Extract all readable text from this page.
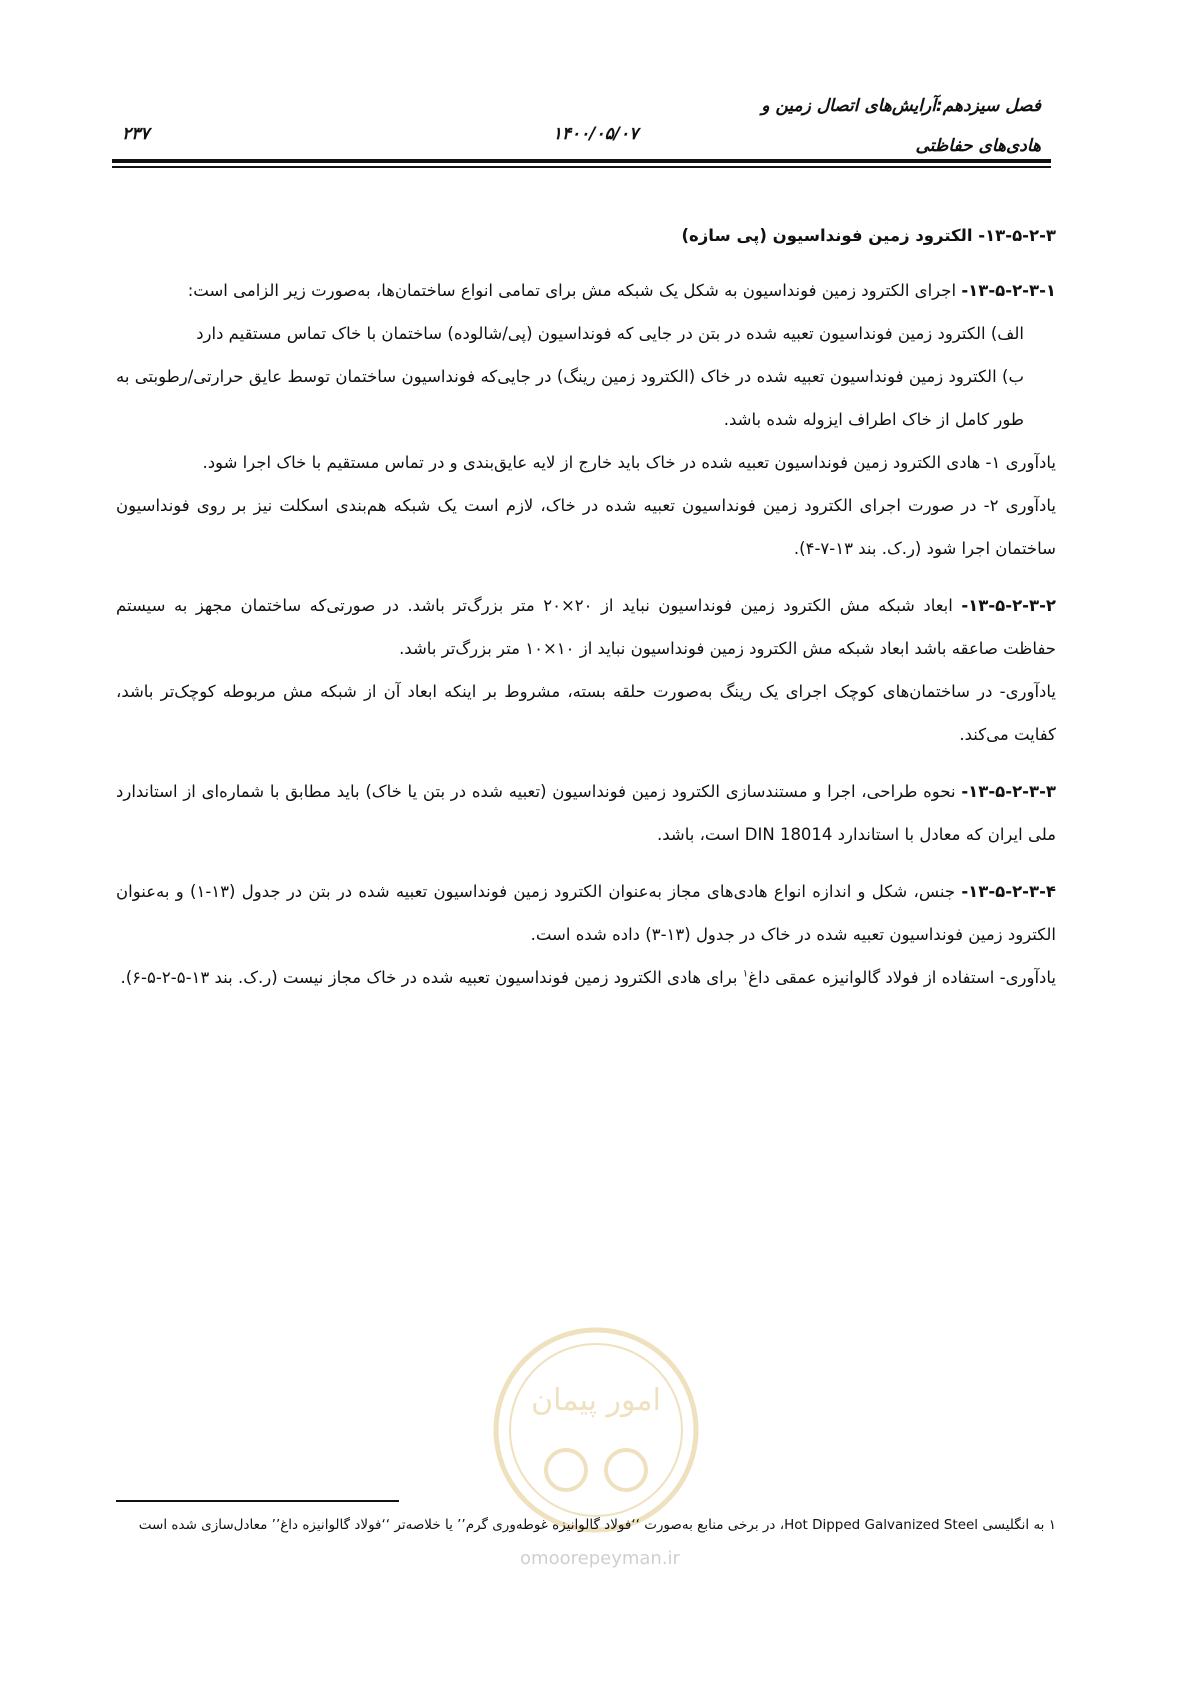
فصل سیزدهم:آرایش‌های اتصال زمین و
هادی‌های حفاظتی
۱۴۰۰/۰۵/۰۷
۲۳۷

۱۳-۵-۲-۳- الکترود زمین فونداسیون (پی سازه)

۱۳-۵-۲-۳-۱- اجرای الکترود زمین فونداسیون به شکل یک شبکه مش برای تمامی انواع ساختمان‌ها، به‌صورت زیر الزامی است:

الف) الکترود زمین فونداسیون تعبیه شده در بتن در جایی که فونداسیون (پی/شالوده) ساختمان با خاک تماس مستقیم دارد

ب) الکترود زمین فونداسیون تعبیه شده در خاک (الکترود زمین رینگ) در جایی‌که فونداسیون ساختمان توسط عایق حرارتی/رطوبتی به طور کامل از خاک اطراف ایزوله شده باشد.

یادآوری ۱- هادی الکترود زمین فونداسیون تعبیه شده در خاک باید خارج از لایه عایق‌بندی و در تماس مستقیم با خاک اجرا شود.

یادآوری ۲- در صورت اجرای الکترود زمین فونداسیون تعبیه شده در خاک، لازم است یک شبکه هم‌بندی اسکلت نیز بر روی فونداسیون ساختمان اجرا شود (ر.ک. بند ۱۳-۷-۴).

۱۳-۵-۲-۳-۲- ابعاد شبکه مش الکترود زمین فونداسیون نباید از ۲۰×۲۰ متر بزرگ‌تر باشد. در صورتی‌که ساختمان مجهز به سیستم حفاظت صاعقه باشد ابعاد شبکه مش الکترود زمین فونداسیون نباید از ۱۰×۱۰ متر بزرگ‌تر باشد.

یادآوری- در ساختمان‌های کوچک اجرای یک رینگ به‌صورت حلقه بسته، مشروط بر اینکه ابعاد آن از شبکه مش مربوطه کوچک‌تر باشد، کفایت می‌کند.

۱۳-۵-۲-۳-۳- نحوه طراحی، اجرا و مستندسازی الکترود زمین فونداسیون (تعبیه شده در بتن یا خاک) باید مطابق با شماره‌ای از استاندارد ملی ایران که معادل با استاندارد DIN 18014 است، باشد.

۱۳-۵-۲-۳-۴- جنس، شکل و اندازه انواع هادی‌های مجاز به‌عنوان الکترود زمین فونداسیون تعبیه شده در بتن در جدول (۱۳-۱) و به‌عنوان الکترود زمین فونداسیون تعبیه شده در خاک در جدول (۱۳-۳) داده شده است.

یادآوری- استفاده از فولاد گالوانیزه عمقی داغ$^۱$ برای هادی الکترود زمین فونداسیون تعبیه شده در خاک مجاز نیست (ر.ک. بند ۱۳-۵-۲-۵-۶).

امور پیمان
omoorepeyman.ir

۱ به انگلیسی Hot Dipped Galvanized Steel، در برخی منابع به‌صورت ‘‘فولاد گالوانیزه غوطه‌وری گرم’’ یا خلاصه‌تر ‘‘فولاد گالوانیزه داغ’’ معادل‌سازی شده است
